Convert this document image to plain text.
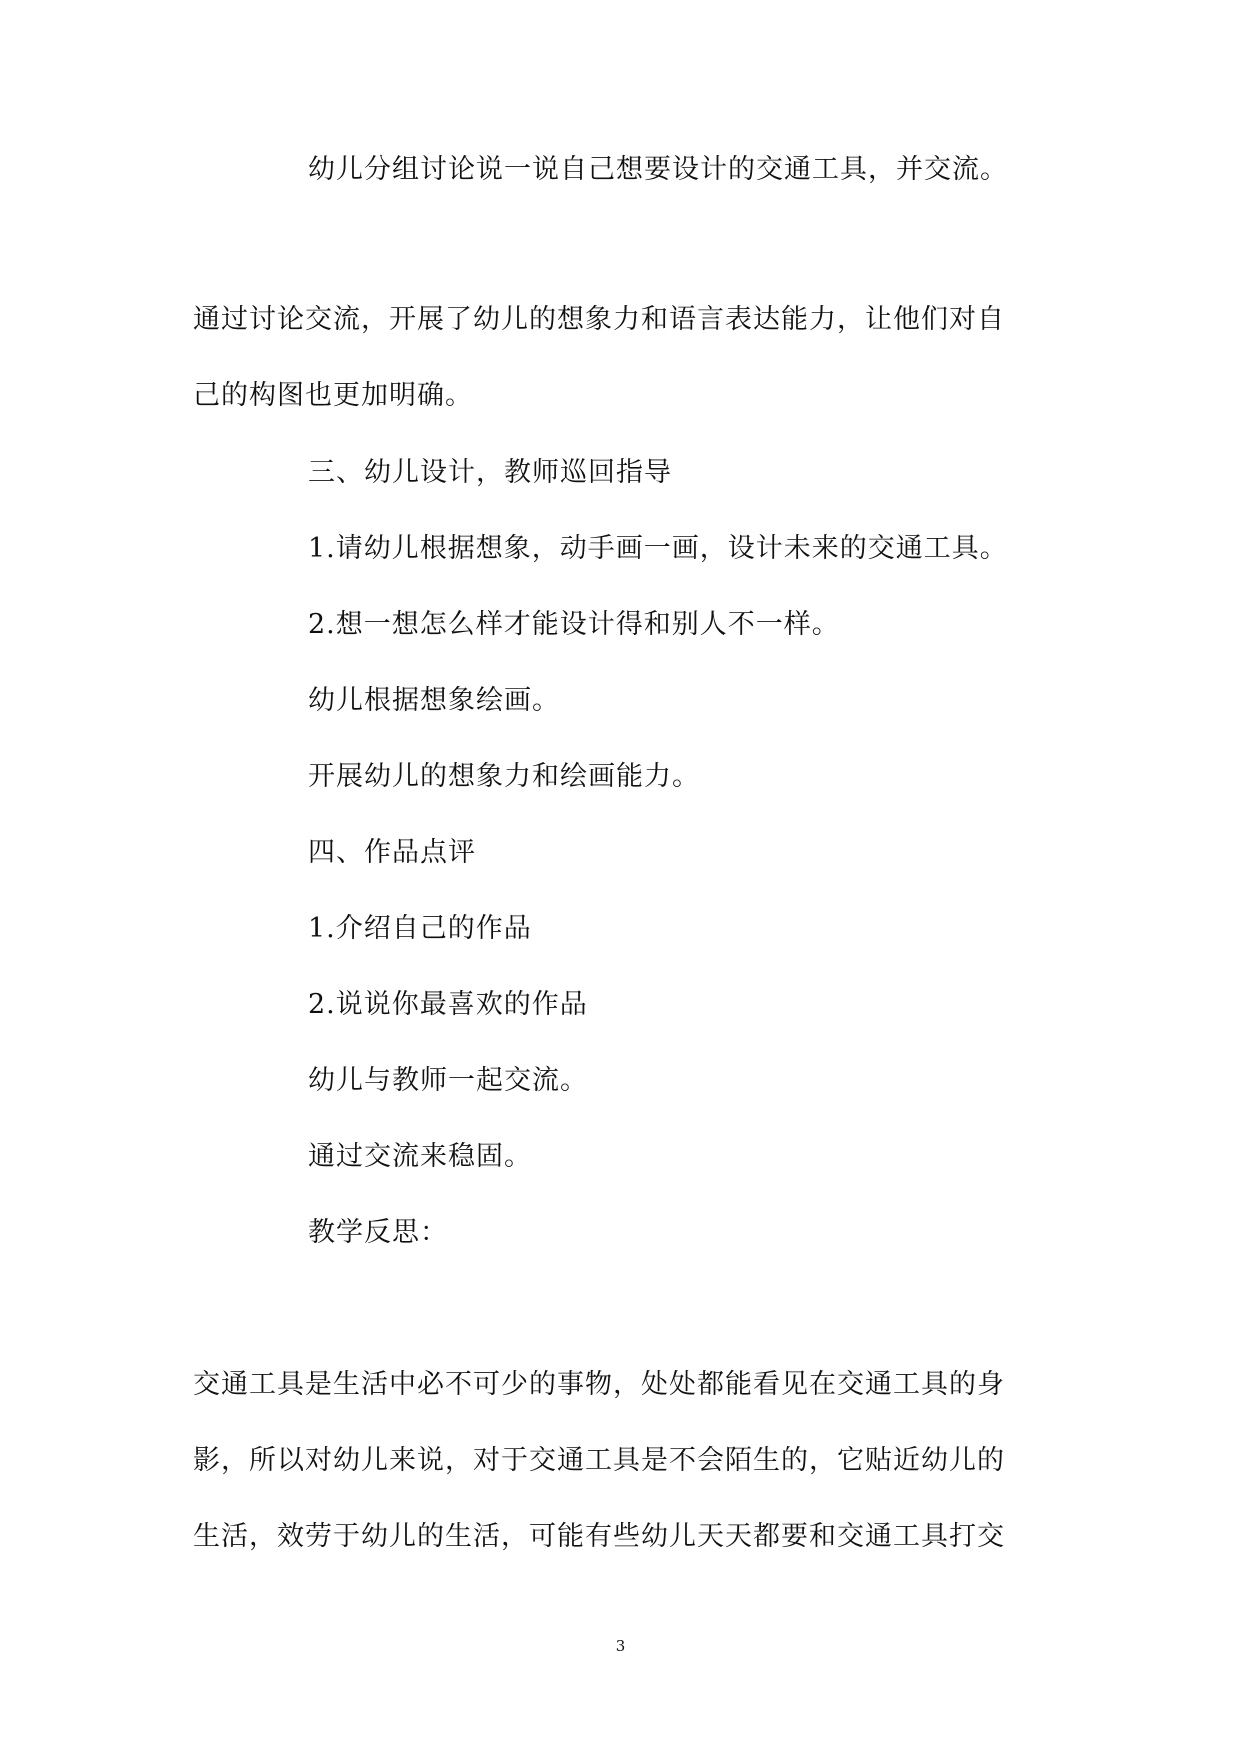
幼儿分组讨论说一说自己想要设计的交通工具，并交流。

通过讨论交流，开展了幼儿的想象力和语言表达能力，让他们对自

己的构图也更加明确。

三、幼儿设计，教师巡回指导

1.请幼儿根据想象，动手画一画，设计未来的交通工具。

2.想一想怎么样才能设计得和别人不一样。

幼儿根据想象绘画。

开展幼儿的想象力和绘画能力。

四、作品点评

1.介绍自己的作品

2.说说你最喜欢的作品

幼儿与教师一起交流。

通过交流来稳固。

教学反思：

交通工具是生活中必不可少的事物，处处都能看见在交通工具的身

影，所以对幼儿来说，对于交通工具是不会陌生的，它贴近幼儿的

生活，效劳于幼儿的生活，可能有些幼儿天天都要和交通工具打交

3
